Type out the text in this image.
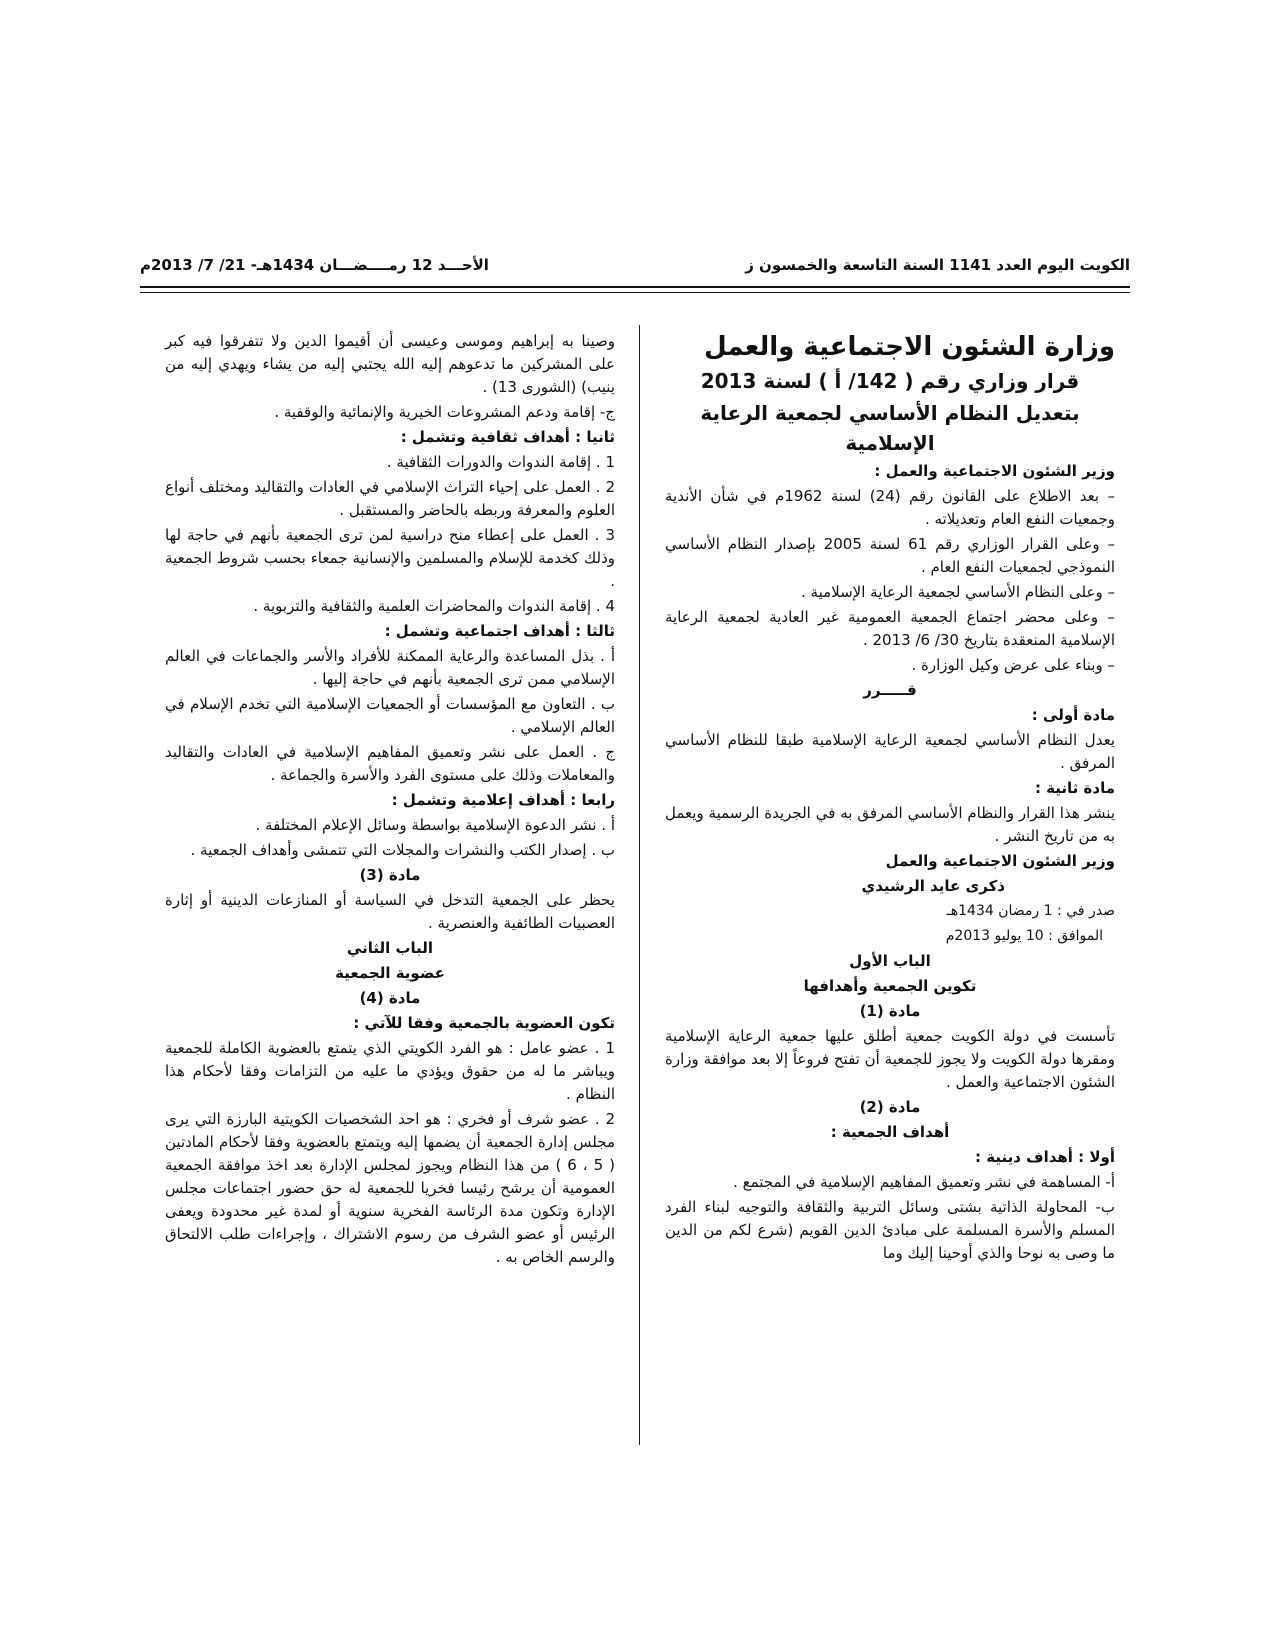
الكويت اليوم العدد 1141 السنة التاسعة والخمسون ز
الأحـــد 12 رمــــضـــان 1434هـ- 21/ 7/ 2013م

وزارة الشئون الاجتماعية والعمل

قرار وزاري رقم ( 142/ أ ) لسنة 2013

بتعديل النظام الأساسي لجمعية الرعاية الإسلامية

وزير الشئون الاجتماعية والعمل :

– بعد الاطلاع على القانون رقم (24) لسنة 1962م في شأن الأندية وجمعيات النفع العام وتعديلاته .

– وعلى القرار الوزاري رقم 61 لسنة 2005 بإصدار النظام الأساسي النموذجي لجمعيات النفع العام .

– وعلى النظام الأساسي لجمعية الرعاية الإسلامية .

– وعلى محضر اجتماع الجمعية العمومية غير العادية لجمعية الرعاية الإسلامية المنعقدة بتاريخ 30/ 6/ 2013 .

– وبناء على عرض وكيل الوزارة .

قـــــرر

مادة أولى :

يعدل النظام الأساسي لجمعية الرعاية الإسلامية طبقا للنظام الأساسي المرفق .

مادة ثانية :

ينشر هذا القرار والنظام الأساسي المرفق به في الجريدة الرسمية ويعمل به من تاريخ النشر .

وزير الشئون الاجتماعية والعمل

ذكرى عايد الرشيدي

صدر في : 1 رمضان 1434هـ

الموافق : 10 يوليو 2013م

الباب الأول

تكوين الجمعية وأهدافها

مادة (1)

تأسست في دولة الكويت جمعية أطلق عليها جمعية الرعاية الإسلامية ومقرها دولة الكويت ولا يجوز للجمعية أن تفتح فروعاً إلا بعد موافقة وزارة الشئون الاجتماعية والعمل .

مادة (2)

أهداف الجمعية :

أولا : أهداف دينية :

أ- المساهمة في نشر وتعميق المفاهيم الإسلامية في المجتمع .

ب- المحاولة الذاتية بشتى وسائل التربية والثقافة والتوجيه لبناء الفرد المسلم والأسرة المسلمة على مبادئ الدين القويم (شرع لكم من الدين ما وصى به نوحا والذي أوحينا إليك وما

وصينا به إبراهيم وموسى وعيسى أن أقيموا الدين ولا تتفرقوا فيه كبر على المشركين ما تدعوهم إليه الله يجتبي إليه من يشاء ويهدي إليه من ينيب) (الشورى 13) .

ج- إقامة ودعم المشروعات الخيرية والإنمائية والوقفية .

ثانيا : أهداف ثقافية وتشمل :

1 . إقامة الندوات والدورات الثقافية .

2 . العمل على إحياء التراث الإسلامي في العادات والتقاليد ومختلف أنواع العلوم والمعرفة وربطه بالحاضر والمستقبل .

3 . العمل على إعطاء منح دراسية لمن ترى الجمعية بأنهم في حاجة لها وذلك كخدمة للإسلام والمسلمين والإنسانية جمعاء بحسب شروط الجمعية .

4 . إقامة الندوات والمحاضرات العلمية والثقافية والتربوية .

ثالثا : أهداف اجتماعية وتشمل :

أ . بذل المساعدة والرعاية الممكنة للأفراد والأسر والجماعات في العالم الإسلامي ممن ترى الجمعية بأنهم في حاجة إليها .

ب . التعاون مع المؤسسات أو الجمعيات الإسلامية التي تخدم الإسلام في العالم الإسلامي .

ج . العمل على نشر وتعميق المفاهيم الإسلامية في العادات والتقاليد والمعاملات وذلك على مستوى الفرد والأسرة والجماعة .

رابعا : أهداف إعلامية وتشمل :

أ . نشر الدعوة الإسلامية بواسطة وسائل الإعلام المختلفة .

ب . إصدار الكتب والنشرات والمجلات التي تتمشى وأهداف الجمعية .

مادة (3)

يحظر على الجمعية التدخل في السياسة أو المنازعات الدينية أو إثارة العصبيات الطائفية والعنصرية .

الباب الثاني

عضوية الجمعية

مادة (4)

تكون العضوية بالجمعية وفقا للآتي :

1 . عضو عامل : هو الفرد الكويتي الذي يتمتع بالعضوية الكاملة للجمعية ويباشر ما له من حقوق ويؤدي ما عليه من التزامات وفقا لأحكام هذا النظام .

2 . عضو شرف أو فخري : هو احد الشخصيات الكويتية البارزة التي يرى مجلس إدارة الجمعية أن يضمها إليه ويتمتع بالعضوية وفقا لأحكام المادتين ( 5 ، 6 ) من هذا النظام ويجوز لمجلس الإدارة بعد اخذ موافقة الجمعية العمومية أن يرشح رئيسا فخريا للجمعية له حق حضور اجتماعات مجلس الإدارة وتكون مدة الرئاسة الفخرية سنوية أو لمدة غير محدودة ويعفى الرئيس أو عضو الشرف من رسوم الاشتراك ، وإجراءات طلب الالتحاق والرسم الخاص به .
